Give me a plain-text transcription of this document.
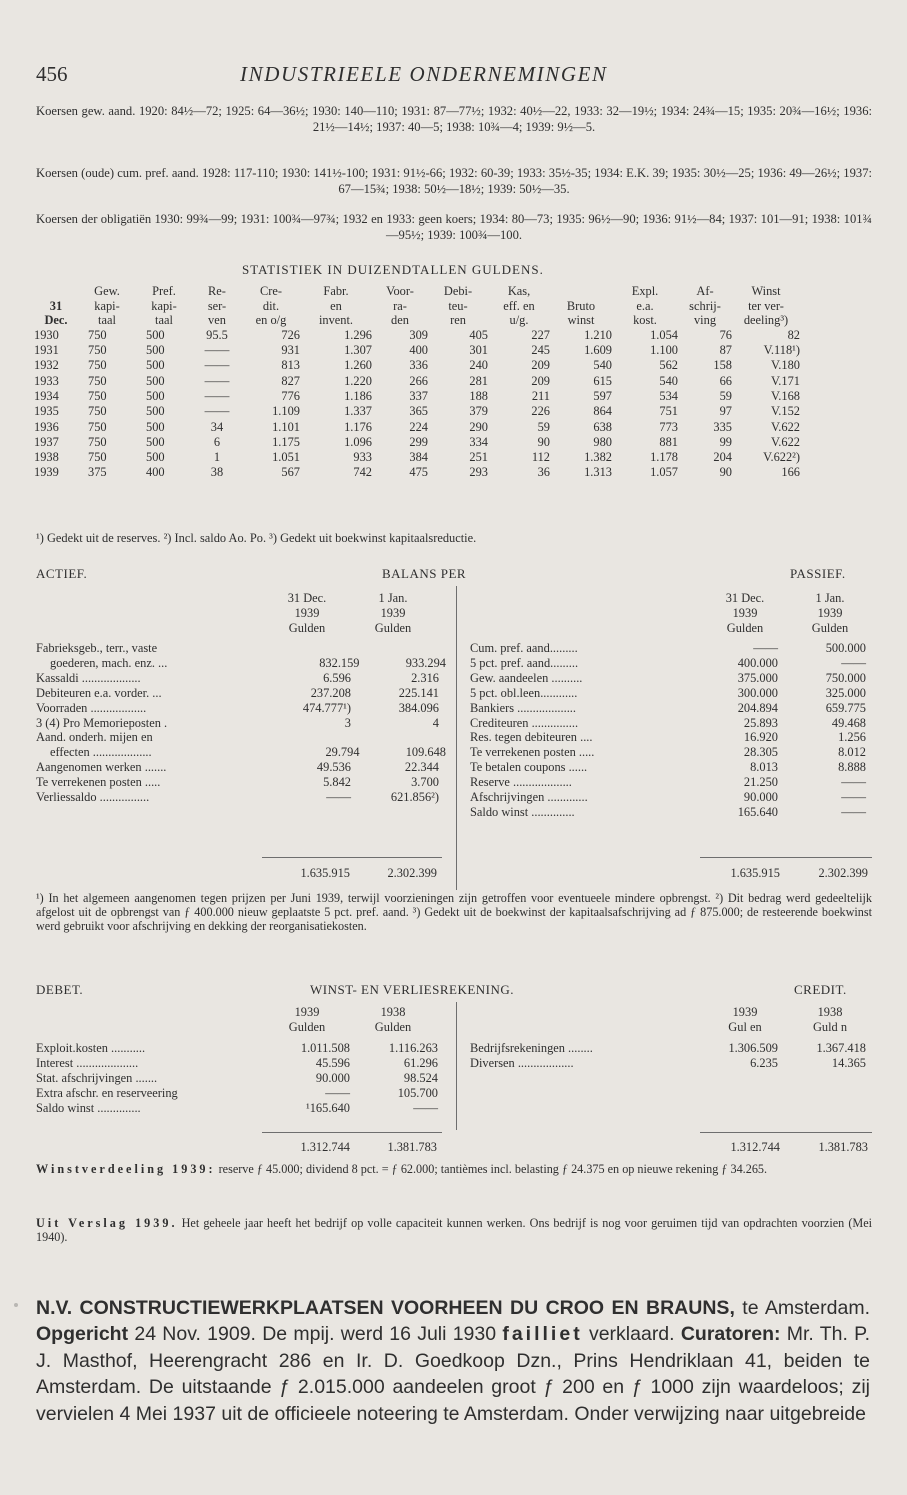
456	INDUSTRIEELE ONDERNEMINGEN

Koersen gew. aand. 1920: 84½—72; 1925: 64—36½; 1930: 140—110; 1931: 87—77½; 1932: 40½—22, 1933: 32—19½; 1934: 24¾—15; 1935: 20¾—16½; 1936: 21½—14½; 1937: 40—5; 1938: 10¾—4; 1939: 9½—5.

Koersen (oude) cum. pref. aand. 1928: 117-110; 1930: 141½-100; 1931: 91½-66; 1932: 60-39; 1933: 35½-35; 1934: E.K. 39; 1935: 30½—25; 1936: 49—26½; 1937: 67—15¾; 1938: 50½—18½; 1939: 50½—35.

Koersen der obligatiën 1930: 99¾—99; 1931: 100¾—97¾; 1932 en 1933: geen koers; 1934: 80—73; 1935: 96½—90; 1936: 91½—84; 1937: 101—91; 1938: 101¾—95½; 1939: 100¾—100.

STATISTIEK IN DUIZENDTALLEN GULDENS.
	Gew.	Pref.	Re-	Cre-	Fabr.	Voor-	Debi-	Kas,		Expl.	Af-	Winst
31	kapi-	kapi-	ser-	dit.	en	ra-	teu-	eff. en	Bruto	e.a.	schrij-	ter ver-
Dec.	taal	taal	ven	en o/g	invent.	den	ren	u/g.	winst	kost.	ving	deeling³)
1930	750	500	95.5	726	1.296	309	405	227	1.210	1.054	76	82
1931	750	500	——	931	1.307	400	301	245	1.609	1.100	87	V.118¹)
1932	750	500	——	813	1.260	336	240	209	540	562	158	V.180
1933	750	500	——	827	1.220	266	281	209	615	540	66	V.171
1934	750	500	——	776	1.186	337	188	211	597	534	59	V.168
1935	750	500	——	1.109	1.337	365	379	226	864	751	97	V.152
1936	750	500	34	1.101	1.176	224	290	59	638	773	335	V.622
1937	750	500	6	1.175	1.096	299	334	90	980	881	99	V.622
1938	750	500	1	1.051	933	384	251	112	1.382	1.178	204	V.622²)
1939	375	400	38	567	742	475	293	36	1.313	1.057	90	166
¹) Gedekt uit de reserves. ²) Incl. saldo Ao. Po. ³) Gedekt uit boekwinst kapitaalsreductie.
ACTIEF.	BALANS PER	PASSIEF.
31 Dec.
1939
Gulden
1 Jan.
1939
Gulden
31 Dec.
1939
Gulden
1 Jan.
1939
Gulden
Fabrieksgeb., terr., vaste
goederen, mach. enz. ...	832.159	933.294
Kassaldi ...................	6.596	2.316
Debiteuren e.a. vorder. ...	237.208	225.141
Voorraden ..................	474.777¹)	384.096
3 (4) Pro Memorieposten .	3	4
Aand. onderh. mijen en
effecten ...................	29.794	109.648
Aangenomen werken .......	49.536	22.344
Te verrekenen posten .....	5.842	3.700
Verliessaldo ................	——	621.856²)
Cum. pref. aand.........	——	500.000
5 pct. pref. aand.........	400.000	——
Gew. aandeelen ..........	375.000	750.000
5 pct. obl.leen............	300.000	325.000
Bankiers ...................	204.894	659.775
Crediteuren ...............	25.893	49.468
Res. tegen debiteuren ....	16.920	1.256
Te verrekenen posten .....	28.305	8.012
Te betalen coupons ......	8.013	8.888
Reserve ...................	21.250	——
Afschrijvingen .............	90.000	——
Saldo winst ..............	165.640	——
1.635.915	2.302.399	1.635.915	2.302.399
¹) In het algemeen aangenomen tegen prijzen per Juni 1939, terwijl voorzieningen zijn getroffen voor eventueele mindere opbrengst. ²) Dit bedrag werd gedeeltelijk afgelost uit de opbrengst van ƒ 400.000 nieuw geplaatste 5 pct. pref. aand. ³) Gedekt uit de boekwinst der kapitaalsafschrijving ad ƒ 875.000; de resteerende boekwinst werd gebruikt voor afschrijving en dekking der reorganisatiekosten.
DEBET.	WINST- EN VERLIESREKENING.	CREDIT.
1939
Gulden
1938
Gulden
1939
Gul en
1938
Guld n
Exploit.kosten ...........	1.011.508	1.116.263
Interest ....................	45.596	61.296
Stat. afschrijvingen .......	90.000	98.524
Extra afschr. en reserveering	——	105.700
Saldo winst ..............	¹165.640	——
Bedrijfsrekeningen ........	1.306.509	1.367.418
Diversen ..................	6.235	14.365
1.312.744	1.381.783	1.312.744	1.381.783
Winstverdeeling 1939: reserve ƒ 45.000; dividend 8 pct. = ƒ 62.000; tantièmes incl. belasting ƒ 24.375 en op nieuwe rekening ƒ 34.265.
Uit Verslag 1939. Het geheele jaar heeft het bedrijf op volle capaciteit kunnen werken. Ons bedrijf is nog voor geruimen tijd van opdrachten voorzien (Mei 1940).
N.V. CONSTRUCTIEWERKPLAATSEN VOORHEEN DU CROO EN BRAUNS, te Amsterdam. Opgericht 24 Nov. 1909. De mpij. werd 16 Juli 1930 failliet verklaard. Curatoren: Mr. Th. P. J. Masthof, Heerengracht 286 en Ir. D. Goedkoop Dzn., Prins Hendriklaan 41, beiden te Amsterdam. De uitstaande ƒ 2.015.000 aandeelen groot ƒ 200 en ƒ 1000 zijn waardeloos; zij vervielen 4 Mei 1937 uit de officieele noteering te Amsterdam. Onder verwijzing naar uitgebreide
